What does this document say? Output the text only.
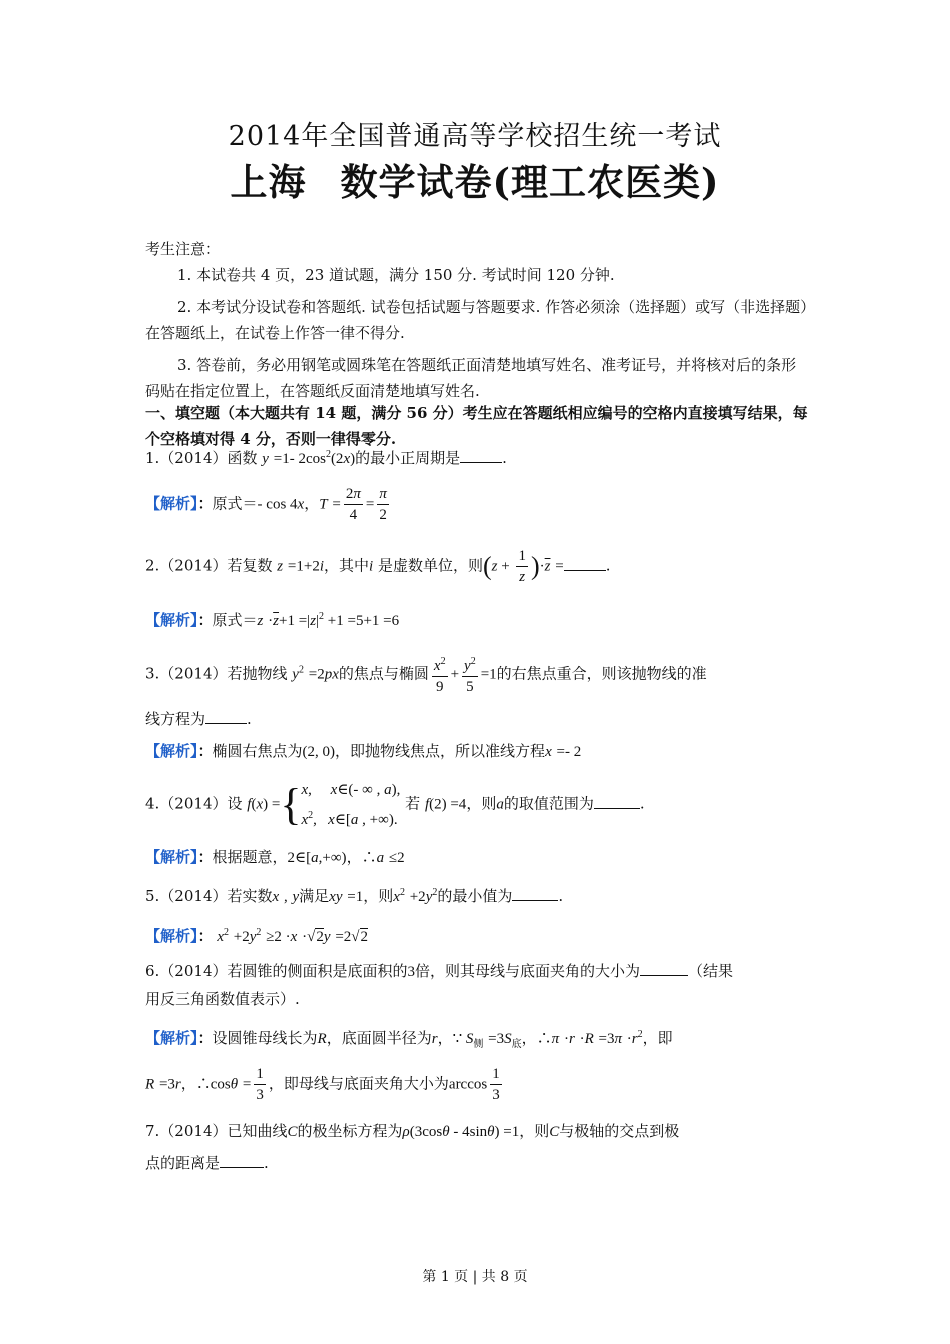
2014年全国普通高等学校招生统一考试
上海 数学试卷(理工农医类)
考生注意：
1. 本试卷共 4 页，23 道试题，满分 150 分. 考试时间 120 分钟.
2. 本考试分设试卷和答题纸. 试卷包括试题与答题要求. 作答必须涂（选择题）或写（非选择题）在答题纸上，在试卷上作答一律不得分.
3. 答卷前，务必用钢笔或圆珠笔在答题纸正面清楚地填写姓名、准考证号，并将核对后的条形码贴在指定位置上，在答题纸反面清楚地填写姓名.
一、填空题（本大题共有 14 题，满分 56 分）考生应在答题纸相应编号的空格内直接填写结果，每个空格填对得 4 分，否则一律得零分.
1.（2014）函数 y =1- $2\cos^2(2x)$的最小正周期是	.
【解析】：原式＝- cos 4x，$T = \frac{2\pi}{4} = \frac{\pi}{2}$
2.（2014）若复数 z =1+2i，其中i 是虚数单位，则$(z + \frac{1}{z} )\cdot\overline{z}$ =	.
【解析】：原式$=z \cdot\overline{z}+1 =|z|^2 +1 =5+1 =6$
3.（2014）若抛物线 $y^2 =2px$的焦点与椭圆 $\frac{x^2}{9} + \frac{y^2}{5} =1$的右焦点重合，则该抛物线的准
线方程为	.
【解析】：椭圆右焦点为(2, 0)，即抛物线焦点，所以准线方程x =- 2
4.（2014）设 f(x) ={ x,     x∈(- ∞ , a),
$x^2$,   x∈[a , +∞).
若 f(2) =4，则a的取值范围为	.
【解析】：根据题意，2∈[a,+∞)，∴a ≤2
5.（2014）若实数x , y满足xy =1，则$x^2 +2y^2$的最小值为	.
【解析】： $x^2 +2y^2 \ge 2 \cdot x \cdot√2y =2√2$
6.（2014）若圆锥的侧面积是底面积的3倍，则其母线与底面夹角的大小为	（结果
用反三角函数值表示）.
【解析】：设圆锥母线长为R，底面圆半径为r，∵ $S_侧 =3S_底$，∴π $\cdot r \cdot R =3\pi \cdot r^2$，即
R =3r，∴cosθ = $\frac{1}{3}$ ，即母线与底面夹角大小为$\arccos \frac{1}{3}$
7.（2014）已知曲线C的极坐标方程为ρ(3cosθ - 4sinθ) =1，则C与极轴的交点到极
点的距离是	.
第 1 页 | 共 8 页
